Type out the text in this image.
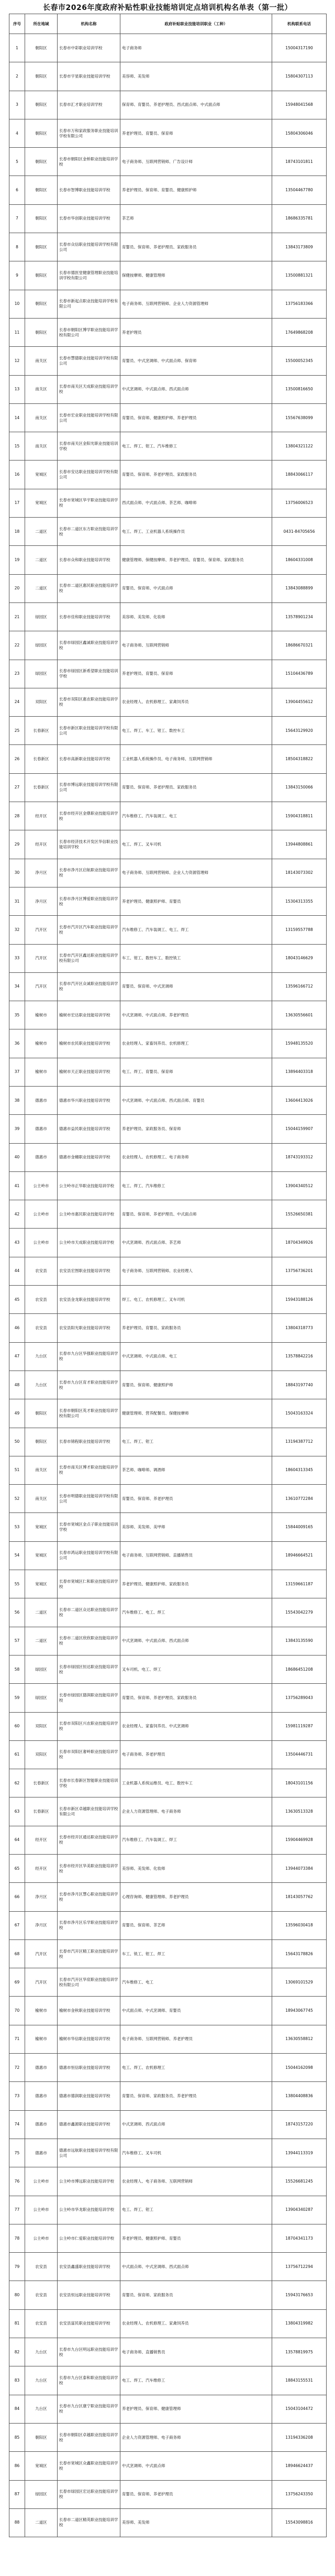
长春市2026年度政府补贴性职业技能培训定点培训机构名单表（第一批）
序号	所在地域	机构名称	政府补贴职业技能培训职业（工种）	机构联系电话
1	朝阳区	长春市中彩职业培训学校	电子商务师	15004317190
2	朝阳区	长春市宇星职业技能培训学校	美容师、美发师	15804307113
3	朝阳区	长春市汇才职业培训学校	保育师、育婴员、养老护理员、西式面点师、中式面点师	15948041568
4	朝阳区	长春市万和家政服务职业技能培训学校有限公司	养老护理员、育婴员、保育师	15804306046
5	朝阳区	长春市朝阳区金桥职业技能培训学校	电子商务师、互联网营销师、广告设计师	18743101811
6	朝阳区	长春市智博职业技能培训学校	养老护理员、保育师、育婴员、健康照护师	13504467780
7	朝阳区	长春市华创职业技能培训学校	茶艺师	18686335781
8	朝阳区	长春市众信职业技能培训学校有限公司	育婴员、保育师、养老护理员、家政服务员	13843173809
9	朝阳区	长春市德医堂健康管理职业技能培训学校有限公司	保健按摩师、健康管理师	13500881321
10	朝阳区	长春市新起点职业技能培训学校有限公司	电子商务师、互联网营销师、企业人力资源管理师	13756183366
11	朝阳区	长春市朝阳区博学职业技能培训学校有限公司	养老护理员	17649868208
12	南关区	长春市慧德职业技能培训学校有限公司	育婴员、中式烹调师、中式面点师、保育师	15500052345
13	南关区	长春市南关区天成职业技能培训学校	中式烹调师、中式面点师、西式面点师	13500816650
14	南关区	长春市宏业职业技能培训学校有限公司	育婴员、保育师、健康照护师、养老护理员	15567638099
15	南关区	长春市南关区金阳光职业技能培训学校	电工、焊工、钳工、汽车维修工	13804321122
16	宽城区	长春市安达职业技能培训学校有限公司	育婴员、保育师、养老护理员、家政服务员	18843066117
17	宽城区	长春市宽城区华宇职业技能培训学校	西式面点师、中式面点师、茶艺师、咖啡师	13756006523
18	二道区	长春市二道区东方职业技能培训学校	电工、焊工、工业机器人系统操作员	0431-84705656
19	二道区	长春市众和职业技能培训学校	健康管理师、保健按摩师、养老护理员、育婴员、保育师、家政服务员	18604331008
20	二道区	长春市二道区惠民职业技能培训学校	育婴员、保育师、中式面点师	13843088899
21	绿园区	长春市佳和职业技能培训学校	美容师、美发师、化妆师	13578901234
22	绿园区	长春市绿园区鑫诚职业技能培训学校	电子商务师、互联网营销师	18686670321
23	绿园区	长春市绿园区新希望职业技能培训学校	养老护理员、育婴员、保育师	15104436789
24	双阳区	长春市双阳区惠农职业技能培训学校	农业经理人、农机修理工、家禽饲养员	13904455612
25	长春新区	长春市新区职业技能培训学校有限公司	电工、焊工、车工、钳工、数控车工	15643129920
26	长春新区	长春市高新职业技能培训学校	工业机器人系统操作员、电子商务师、互联网营销师	18504318822
27	长春新区	长春市博远职业技能培训学校有限公司	育婴员、保育师、养老护理员、家政服务员	13843150066
28	经开区	长春市经开区金鼎职业技能培训学校	汽车维修工、汽车装调工、电工	15904318811
29	经开区	长春市经济技术开发区华信职业技能培训学校	电工、焊工、叉车司机	13944808861
30	净月区	长春市净月区启航职业技能培训学校	电子商务师、互联网营销师、企业人力资源管理师	18143073302
31	净月区	长春市净月区博爱职业技能培训学校	养老护理员、健康照护师、育婴员	15304313355
32	汽开区	长春市汽开区汽车职业技能培训学校	汽车维修工、汽车装调工、电工、焊工	13159557788
33	汽开区	长春市汽开区鑫达职业技能培训学校有限公司	车工、钳工、数控车工、数控铣工	18043146629
34	汽开区	长春市汽开区众诚职业技能培训学校	育婴员、保育师、中式烹调师	13596166712
35	榆树市	榆树市宏达职业技能培训学校	中式烹调师、中式面点师、养老护理员	13630556601
36	榆树市	榆树市农民职业技能培训学校	农业经理人、家畜饲养员、农机修理工	15948135520
37	榆树市	榆树市天正职业技能培训学校	电工、焊工、育婴员、保育师	13894403318
38	德惠市	德惠市华兴职业技能培训学校	中式烹调师、中式面点师、西式面点师、育婴员	13604413026
39	德惠市	德惠市益民职业技能培训学校	养老护理员、家政服务员、保育师	15044159907
40	德惠市	德惠市金穗职业技能培训学校	农业经理人、农机修理工、电子商务师	18743193312
41	公主岭市	公主岭市正华职业技能培训学校	电工、焊工、汽车维修工	13904340512
42	公主岭市	公主岭市惠民职业技能培训学校	育婴员、保育师、养老护理员、中式面点师	15526650381
43	公主岭市	公主岭市天成职业技能培训学校	中式烹调师、西式面点师、茶艺师	18704349926
44	农安县	农安县宏图职业技能培训学校	电子商务师、互联网营销师、农业经理人	13756736201
45	农安县	农安县金龙职业技能培训学校	焊工、电工、农机修理工、叉车司机	15943188126
46	农安县	农安县阳光职业技能培训学校	养老护理员、育婴员、家政服务员	13804318773
47	九台区	长春市九台区华强职业技能培训学校	中式烹调师、中式面点师、电工	13578842216
48	九台区	长春市九台区育才职业技能培训学校	育婴员、保育师、健康照护师	18843197740
49	朝阳区	长春市朝阳区英才职业技能培训学校有限公司	健康管理师、营养配餐员、保健按摩师	15043163324
50	朝阳区	长春市锦程职业技能培训学校	电工、焊工、钳工	13194387712
51	南关区	长春市南关区博才职业技能培训学校	茶艺师、咖啡师、调酒师	18604313345
52	南关区	长春市明德职业技能培训学校有限公司	育婴员、保育师、养老护理员	13610772284
53	宽城区	长春市宽城区金点子职业技能培训学校	美容师、美发师、美甲师	15844009165
54	宽城区	长春市鸿运职业技能培训学校有限公司	电子商务师、互联网营销师、直播销售员	18946664521
55	宽城区	长春市宽城区仁和职业技能培训学校	养老护理员、健康照护师、家政服务员	13159661187
56	二道区	长春市二道区众达职业技能培训学校	汽车维修工、电工、焊工	15543042279
57	二道区	长春市二道区欣欣职业技能培训学校	中式烹调师、中式面点师、西式面点师	13843135590
58	绿园区	长春市绿园区恒达职业技能培训学校	叉车司机、电工、焊工	18686451208
59	绿园区	长春市绿园区德润职业技能培训学校	育婴员、保育师、养老护理员、家政服务员	13756289043
60	双阳区	长春市双阳区兴农职业技能培训学校	农业经理人、家畜饲养员、中式烹调师	15981119287
61	双阳区	长春市双阳区奢岭职业技能培训学校	电子商务师、养老护理员	13504446731
62	长春新区	长春市长春新区智能职业技能培训学校	工业机器人系统运维员、电工、数控车工	18043101156
63	长春新区	长春市新区卓越职业技能培训学校有限公司	企业人力资源管理师、电子商务师	13630513328
64	经开区	长春市经开区通达职业技能培训学校	汽车维修工、汽车装调工、焊工	15904469928
65	经开区	长春市经开区华美职业技能培训学校	美容师、美发师、化妆师	13944073384
66	净月区	长春市净月区慧心职业技能培训学校	心理咨询师、健康管理师、养老护理员	18143057762
67	净月区	长春市净月区乐学职业技能培训学校	育婴员、保育师、茶艺师	13596030418
68	汽开区	长春市汽开区精工职业技能培训学校	车工、铣工、钳工、焊工	15643178826
69	汽开区	长春市汽开区华宸职业技能培训学校有限公司	汽车维修工、电工	13069101529
70	榆树市	榆树市金秋职业技能培训学校	中式面点师、中式烹调师、育婴员	18943067745
71	榆树市	榆树市华信职业技能培训学校	电子商务师、互联网营销师、养老护理员	13630558812
72	德惠市	德惠市恒信职业技能培训学校	电工、焊工、农机修理工	15044162098
73	德惠市	德惠市德润职业技能培训学校	育婴员、保育师、家政服务员、养老护理员	13804408836
74	德惠市	德惠市鑫源职业技能培训学校	中式烹调师、西式面点师	18743157220
75	德惠市	德惠市远航职业技能培训学校有限公司	汽车维修工、叉车司机	13944113319
76	公主岭市	公主岭市博远职业技能培训学校	农业经理人、电子商务师、互联网营销师	15526681245
77	公主岭市	公主岭市华龙职业技能培训学校	电工、焊工、钳工	13904340287
78	公主岭市	公主岭市仁爱职业技能培训学校	养老护理员、健康照护师、育婴员	18704341173
79	农安县	农安县鑫盛职业技能培训学校	中式面点师、中式烹调师、西式面点师	13756712294
80	农安县	农安县恒远职业技能培训学校	育婴员、保育师、家政服务员	15943176653
81	农安县	农安县富民职业技能培训学校	农业经理人、农机修理工、家禽饲养员	13804319982
82	九台区	长春市九台区明远职业技能培训学校	电子商务师、直播销售员	13578819975
83	九台区	长春市九台区泰和职业技能培训学校	电工、焊工、汽车维修工	18843155531
84	九台区	长春市九台区康宁职业技能培训学校	养老护理员、保育师、健康管理师	15043104472
85	朝阳区	长春市朝阳区卓越职业技能培训学校	企业人力资源管理师、电子商务师	13194336208
86	宽城区	长春市宽城区众鑫职业技能培训学校	中式烹调师、中式面点师	18946624437
87	绿园区	长春市绿园区宏达职业技能培训学校	育婴员、保育师、养老护理员	13756243350
88	二道区	长春市二道区精英职业技能培训学校	美容师、美发师	15543098816
